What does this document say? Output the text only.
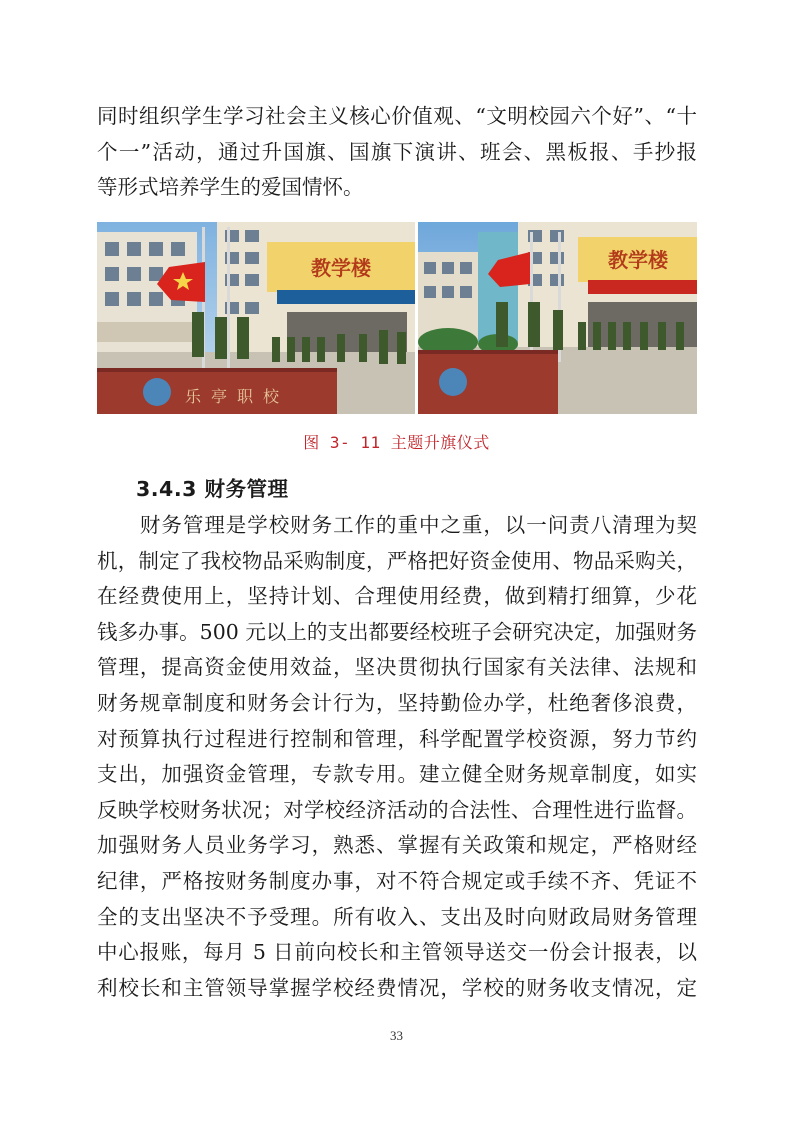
同时组织学生学习社会主义核心价值观、“文明校园六个好”、“十
个一”活动，通过升国旗、国旗下演讲、班会、黑板报、手抄报
等形式培养学生的爱国情怀。
教学楼
乐亭职校
教学楼
图 3- 11 主题升旗仪式
3.4.3 财务管理
　　财务管理是学校财务工作的重中之重，以一问责八清理为契
机，制定了我校物品采购制度，严格把好资金使用、物品采购关，
在经费使用上，坚持计划、合理使用经费，做到精打细算，少花
钱多办事。500 元以上的支出都要经校班子会研究决定，加强财务
管理，提高资金使用效益，坚决贯彻执行国家有关法律、法规和
财务规章制度和财务会计行为，坚持勤俭办学，杜绝奢侈浪费，
对预算执行过程进行控制和管理，科学配置学校资源，努力节约
支出，加强资金管理，专款专用。建立健全财务规章制度，如实
反映学校财务状况；对学校经济活动的合法性、合理性进行监督。
加强财务人员业务学习，熟悉、掌握有关政策和规定，严格财经
纪律，严格按财务制度办事，对不符合规定或手续不齐、凭证不
全的支出坚决不予受理。所有收入、支出及时向财政局财务管理
中心报账，每月 5 日前向校长和主管领导送交一份会计报表，以
利校长和主管领导掌握学校经费情况，学校的财务收支情况，定
33
